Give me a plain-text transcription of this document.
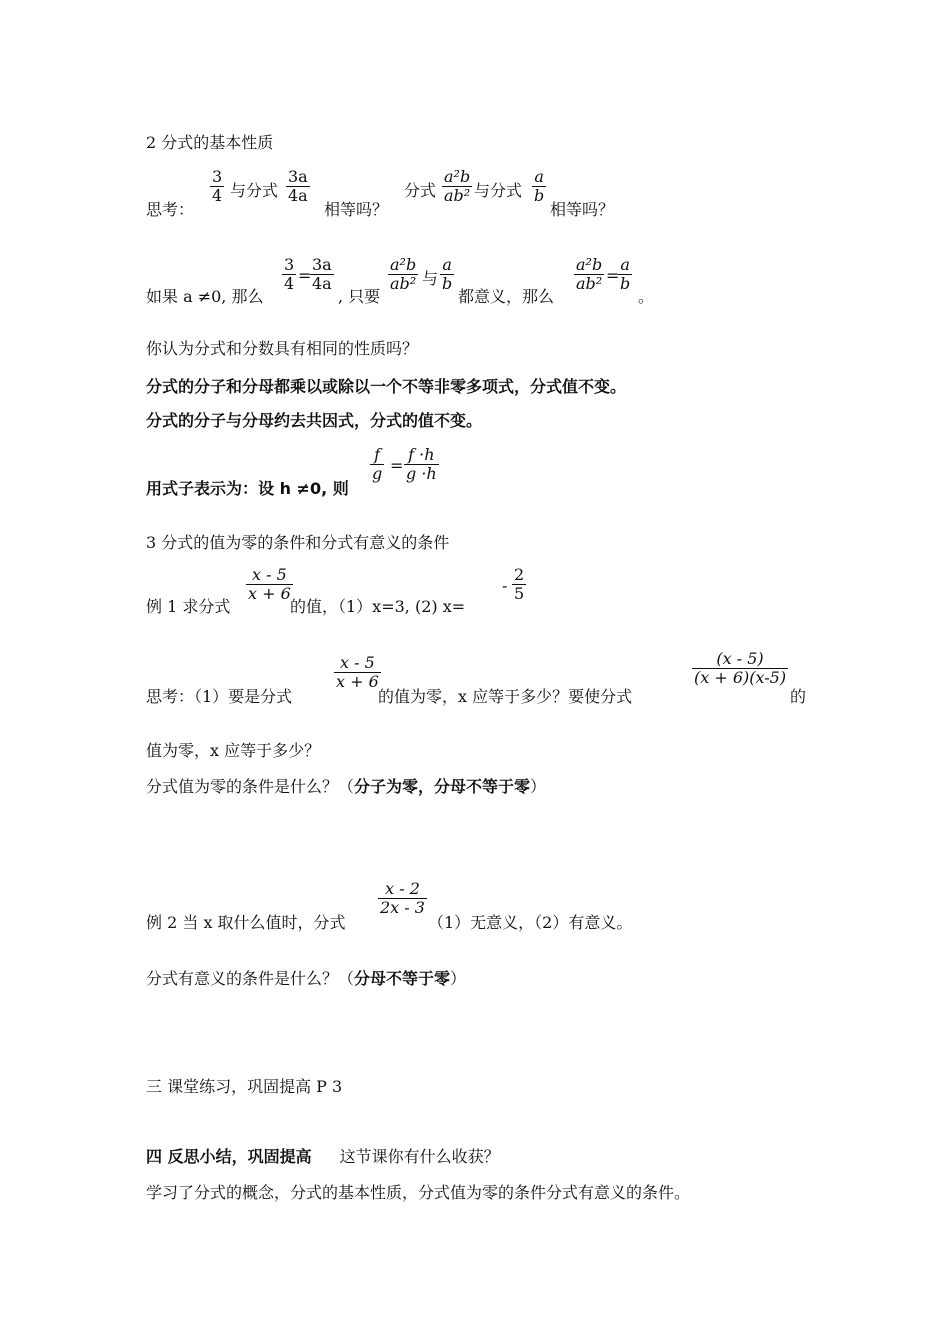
2 分式的基本性质
思考：
$\frac{3}{4}$ 与分式 $\frac{3a}{4a}$
相等吗？
分式 $\frac{\text{a²b}}{\text{ab²}}$ 与分式 $\frac{a}{b}$
相等吗？
如果 a ≠0, 那么
$\frac{3}{4}$ =
$\frac{3a}{4a}$
, 只要
$\frac{\text{a²b}}{\text{ab²}}$ 与 $\frac{a}{b}$
都意义，那么
$\frac{\text{a²b}}{\text{ab²}}$ =
$\frac{a}{b}$
。
你认为分式和分数具有相同的性质吗？
分式的分子和分母都乘以或除以一个不等非零多项式，分式值不变。
分式的分子与分母约去共因式，分式的值不变。
用式子表示为：设 h ≠0, 则
$\frac{f}{g} = \frac{f \cdot h}{g \cdot h}$
3 分式的值为零的条件和分式有意义的条件
例 1 求分式
$\frac{x - 5}{x + 6}$
的值，（1）x=3, (2) x=
- $\frac{2}{5}$
思考：（1）要是分式
$\frac{x - 5}{x + 6}$
的值为零，x 应等于多少？要使分式
$\frac{(x - 5)}{(x + 6)(x-5)}$
的
值为零，x 应等于多少？
分式值为零的条件是什么？（分子为零，分母不等于零）
例 2 当 x 取什么值时，分式
$\frac{x - 2}{2x - 3}$
（1）无意义，（2）有意义。
分式有意义的条件是什么？（分母不等于零）
三 课堂练习，巩固提高 P 3
四 反思小结，巩固提高 这节课你有什么收获？
学习了分式的概念，分式的基本性质，分式值为零的条件分式有意义的条件。
